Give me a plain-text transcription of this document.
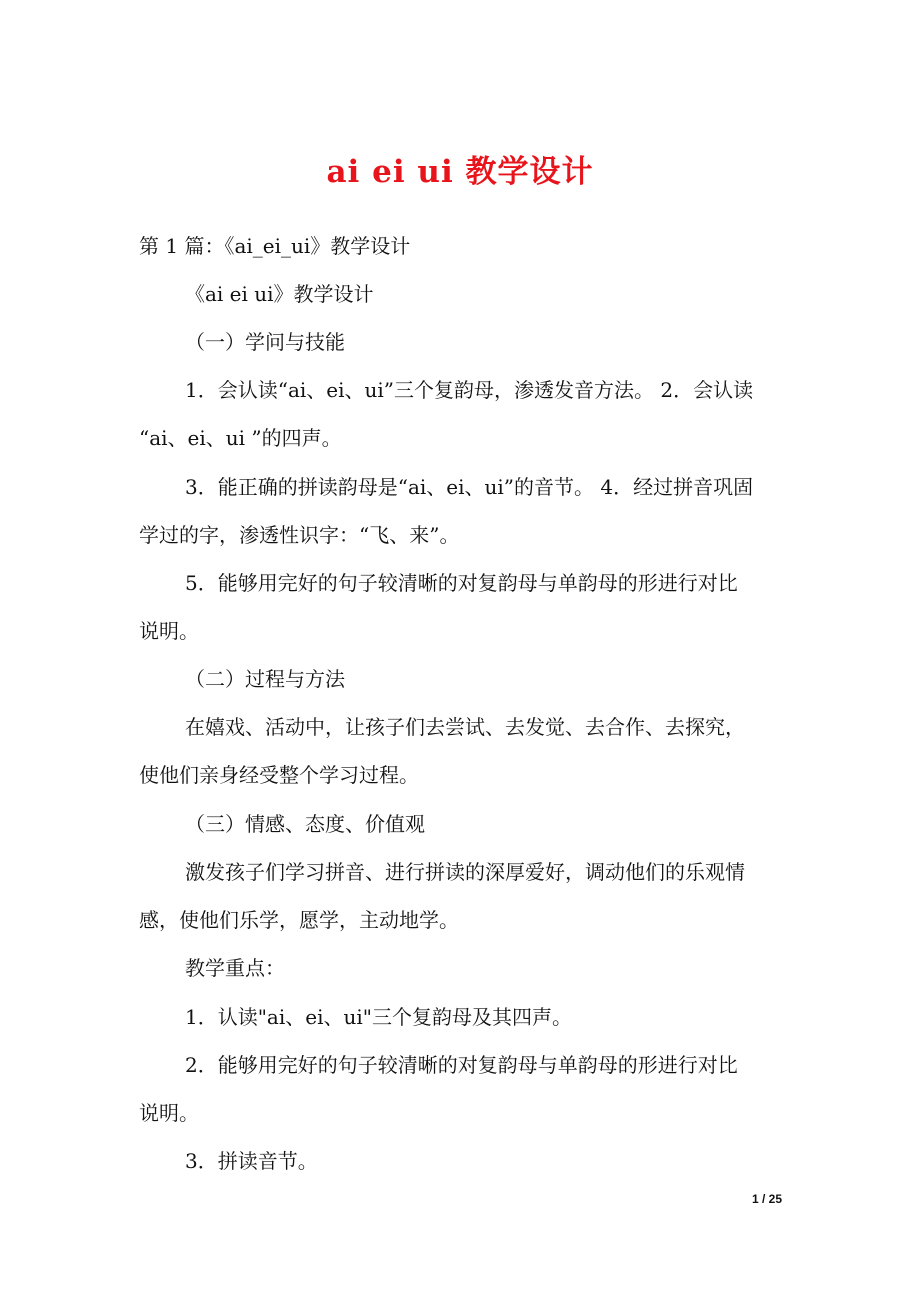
ai ei ui 教学设计
第 1 篇：《ai_ei_ui》教学设计
《ai ei ui》教学设计
（一）学问与技能
1．会认读“ai、ei、ui”三个复韵母，渗透发音方法。 2．会认读
“ai、ei、ui ”的四声。
3．能正确的拼读韵母是“ai、ei、ui”的音节。 4．经过拼音巩固
学过的字，渗透性识字：“飞、来”。
5．能够用完好的句子较清晰的对复韵母与单韵母的形进行对比
说明。
（二）过程与方法
在嬉戏、活动中，让孩子们去尝试、去发觉、去合作、去探究，
使他们亲身经受整个学习过程。
（三）情感、态度、价值观
激发孩子们学习拼音、进行拼读的深厚爱好，调动他们的乐观情
感，使他们乐学，愿学，主动地学。
教学重点：
1．认读"ai、ei、ui"三个复韵母及其四声。
2．能够用完好的句子较清晰的对复韵母与单韵母的形进行对比
说明。
3．拼读音节。
1 / 25
